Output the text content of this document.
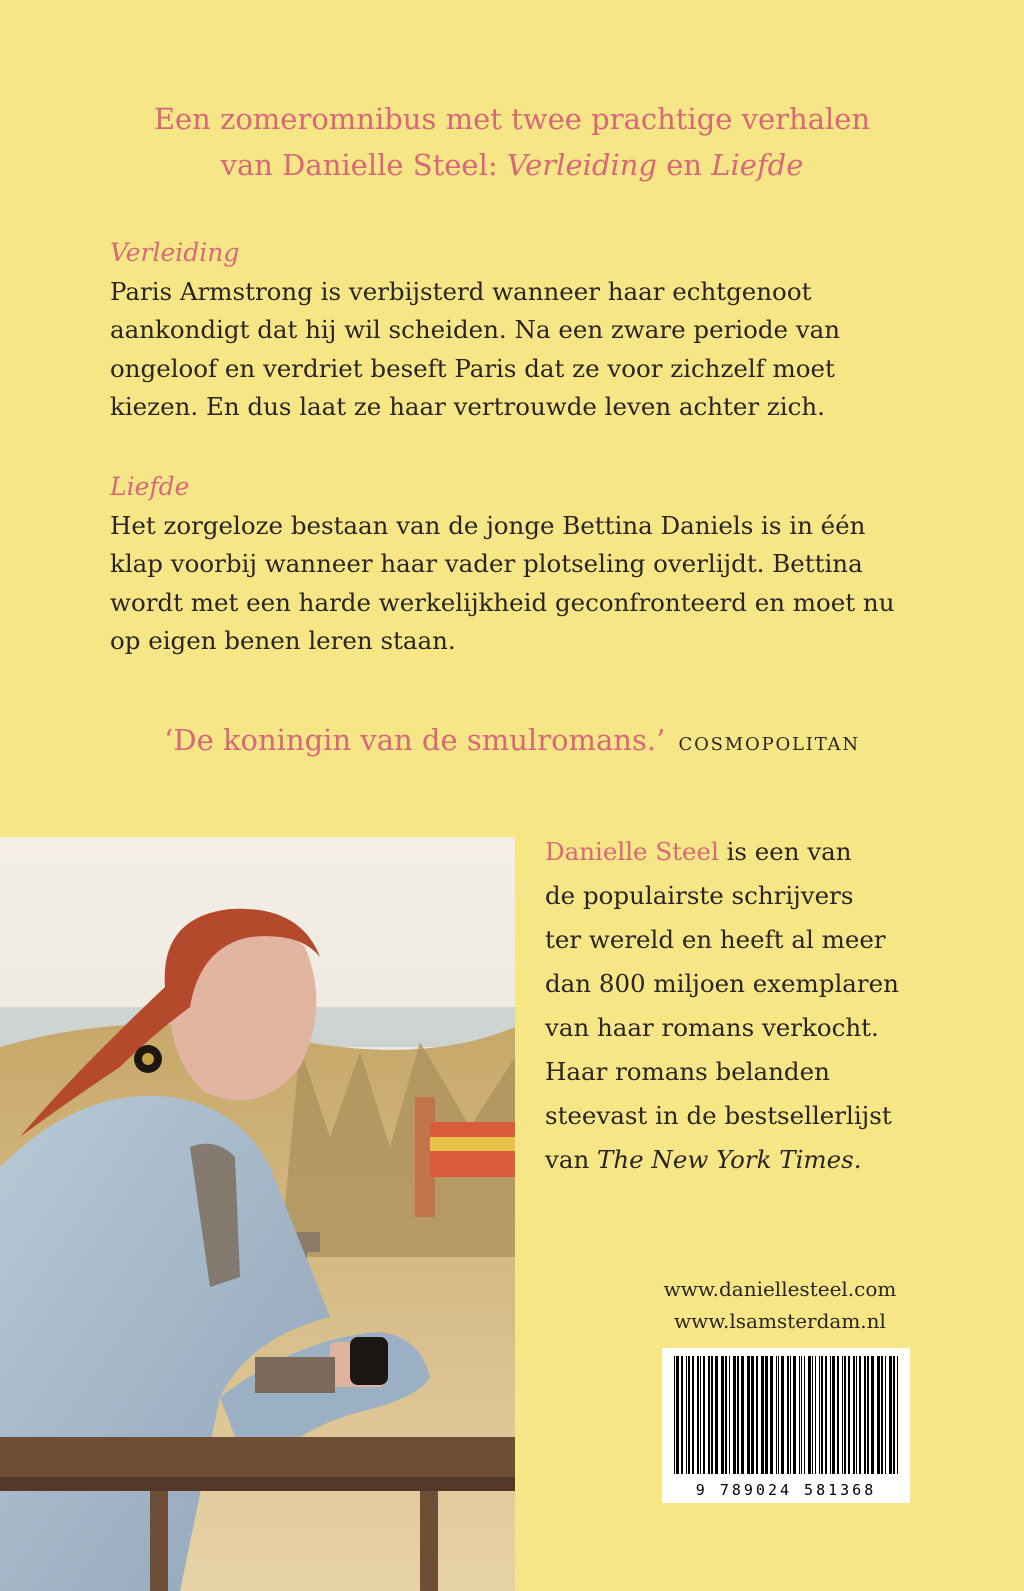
Een zomeromnibus met twee prachtige verhalen
van Danielle Steel: Verleiding en Liefde
Verleiding
Paris Armstrong is verbijsterd wanneer haar echtgenoot aankondigt dat hij wil scheiden. Na een zware periode van ongeloof en verdriet beseft Paris dat ze voor zichzelf moet kiezen. En dus laat ze haar vertrouwde leven achter zich.
Liefde
Het zorgeloze bestaan van de jonge Bettina Daniels is in één klap voorbij wanneer haar vader plotseling overlijdt. Bettina wordt met een harde werkelijkheid geconfronteerd en moet nu op eigen benen leren staan.
‘De koningin van de smulromans.’ COSMOPOLITAN
Danielle Steel is een van
de populairste schrijvers
ter wereld en heeft al meer
dan 800 miljoen exemplaren
van haar romans verkocht.
Haar romans belanden
steevast in de bestsellerlijst
van The New York Times.
www.daniellesteel.com
www.lsamsterdam.nl
9 789024 581368
